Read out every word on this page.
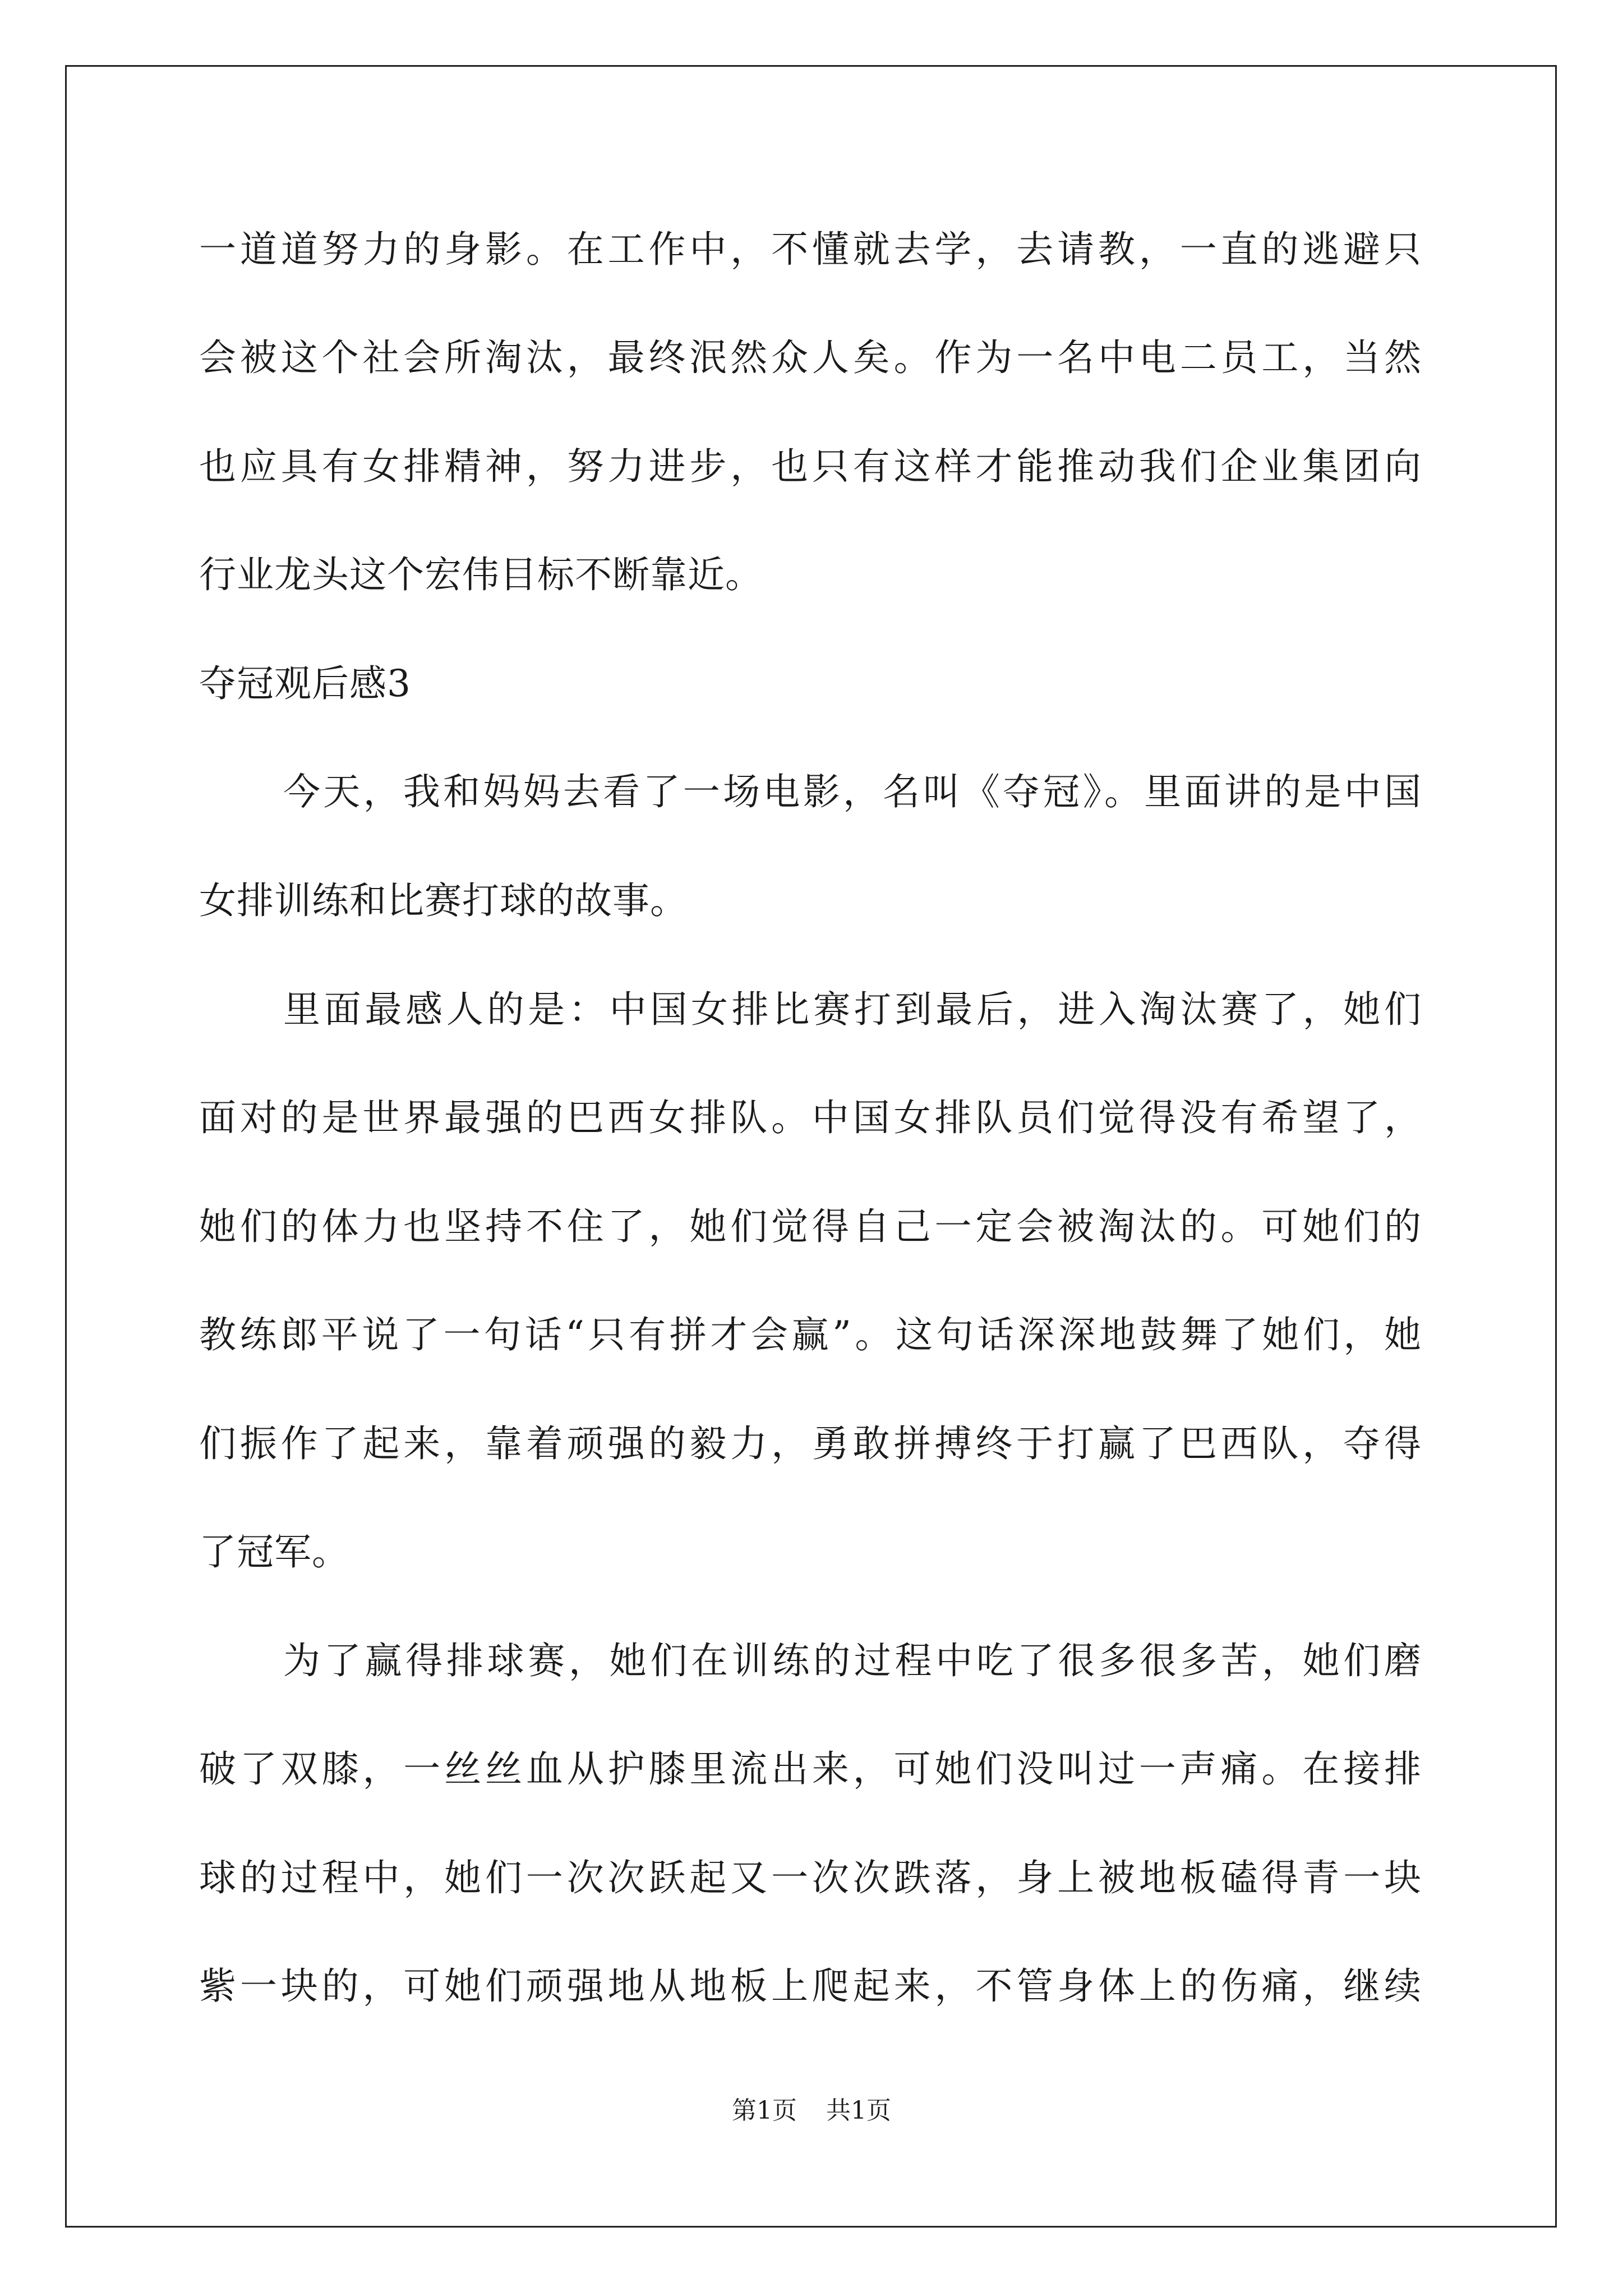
一道道努力的身影。在工作中，不懂就去学，去请教，一直的逃避只
会被这个社会所淘汰，最终泯然众人矣。作为一名中电二员工，当然
也应具有女排精神，努力进步，也只有这样才能推动我们企业集团向
行业龙头这个宏伟目标不断靠近。
夺冠观后感3
今天，我和妈妈去看了一场电影，名叫《夺冠》。里面讲的是中国
女排训练和比赛打球的故事。
里面最感人的是：中国女排比赛打到最后，进入淘汰赛了，她们
面对的是世界最强的巴西女排队。中国女排队员们觉得没有希望了，
她们的体力也坚持不住了，她们觉得自己一定会被淘汰的。可她们的
教练郎平说了一句话“只有拼才会赢”。这句话深深地鼓舞了她们，她
们振作了起来，靠着顽强的毅力，勇敢拼搏终于打赢了巴西队，夺得
了冠军。
为了赢得排球赛，她们在训练的过程中吃了很多很多苦，她们磨
破了双膝，一丝丝血从护膝里流出来，可她们没叫过一声痛。在接排
球的过程中，她们一次次跃起又一次次跌落，身上被地板磕得青一块
紫一块的，可她们顽强地从地板上爬起来，不管身体上的伤痛，继续
第1页 共1页
